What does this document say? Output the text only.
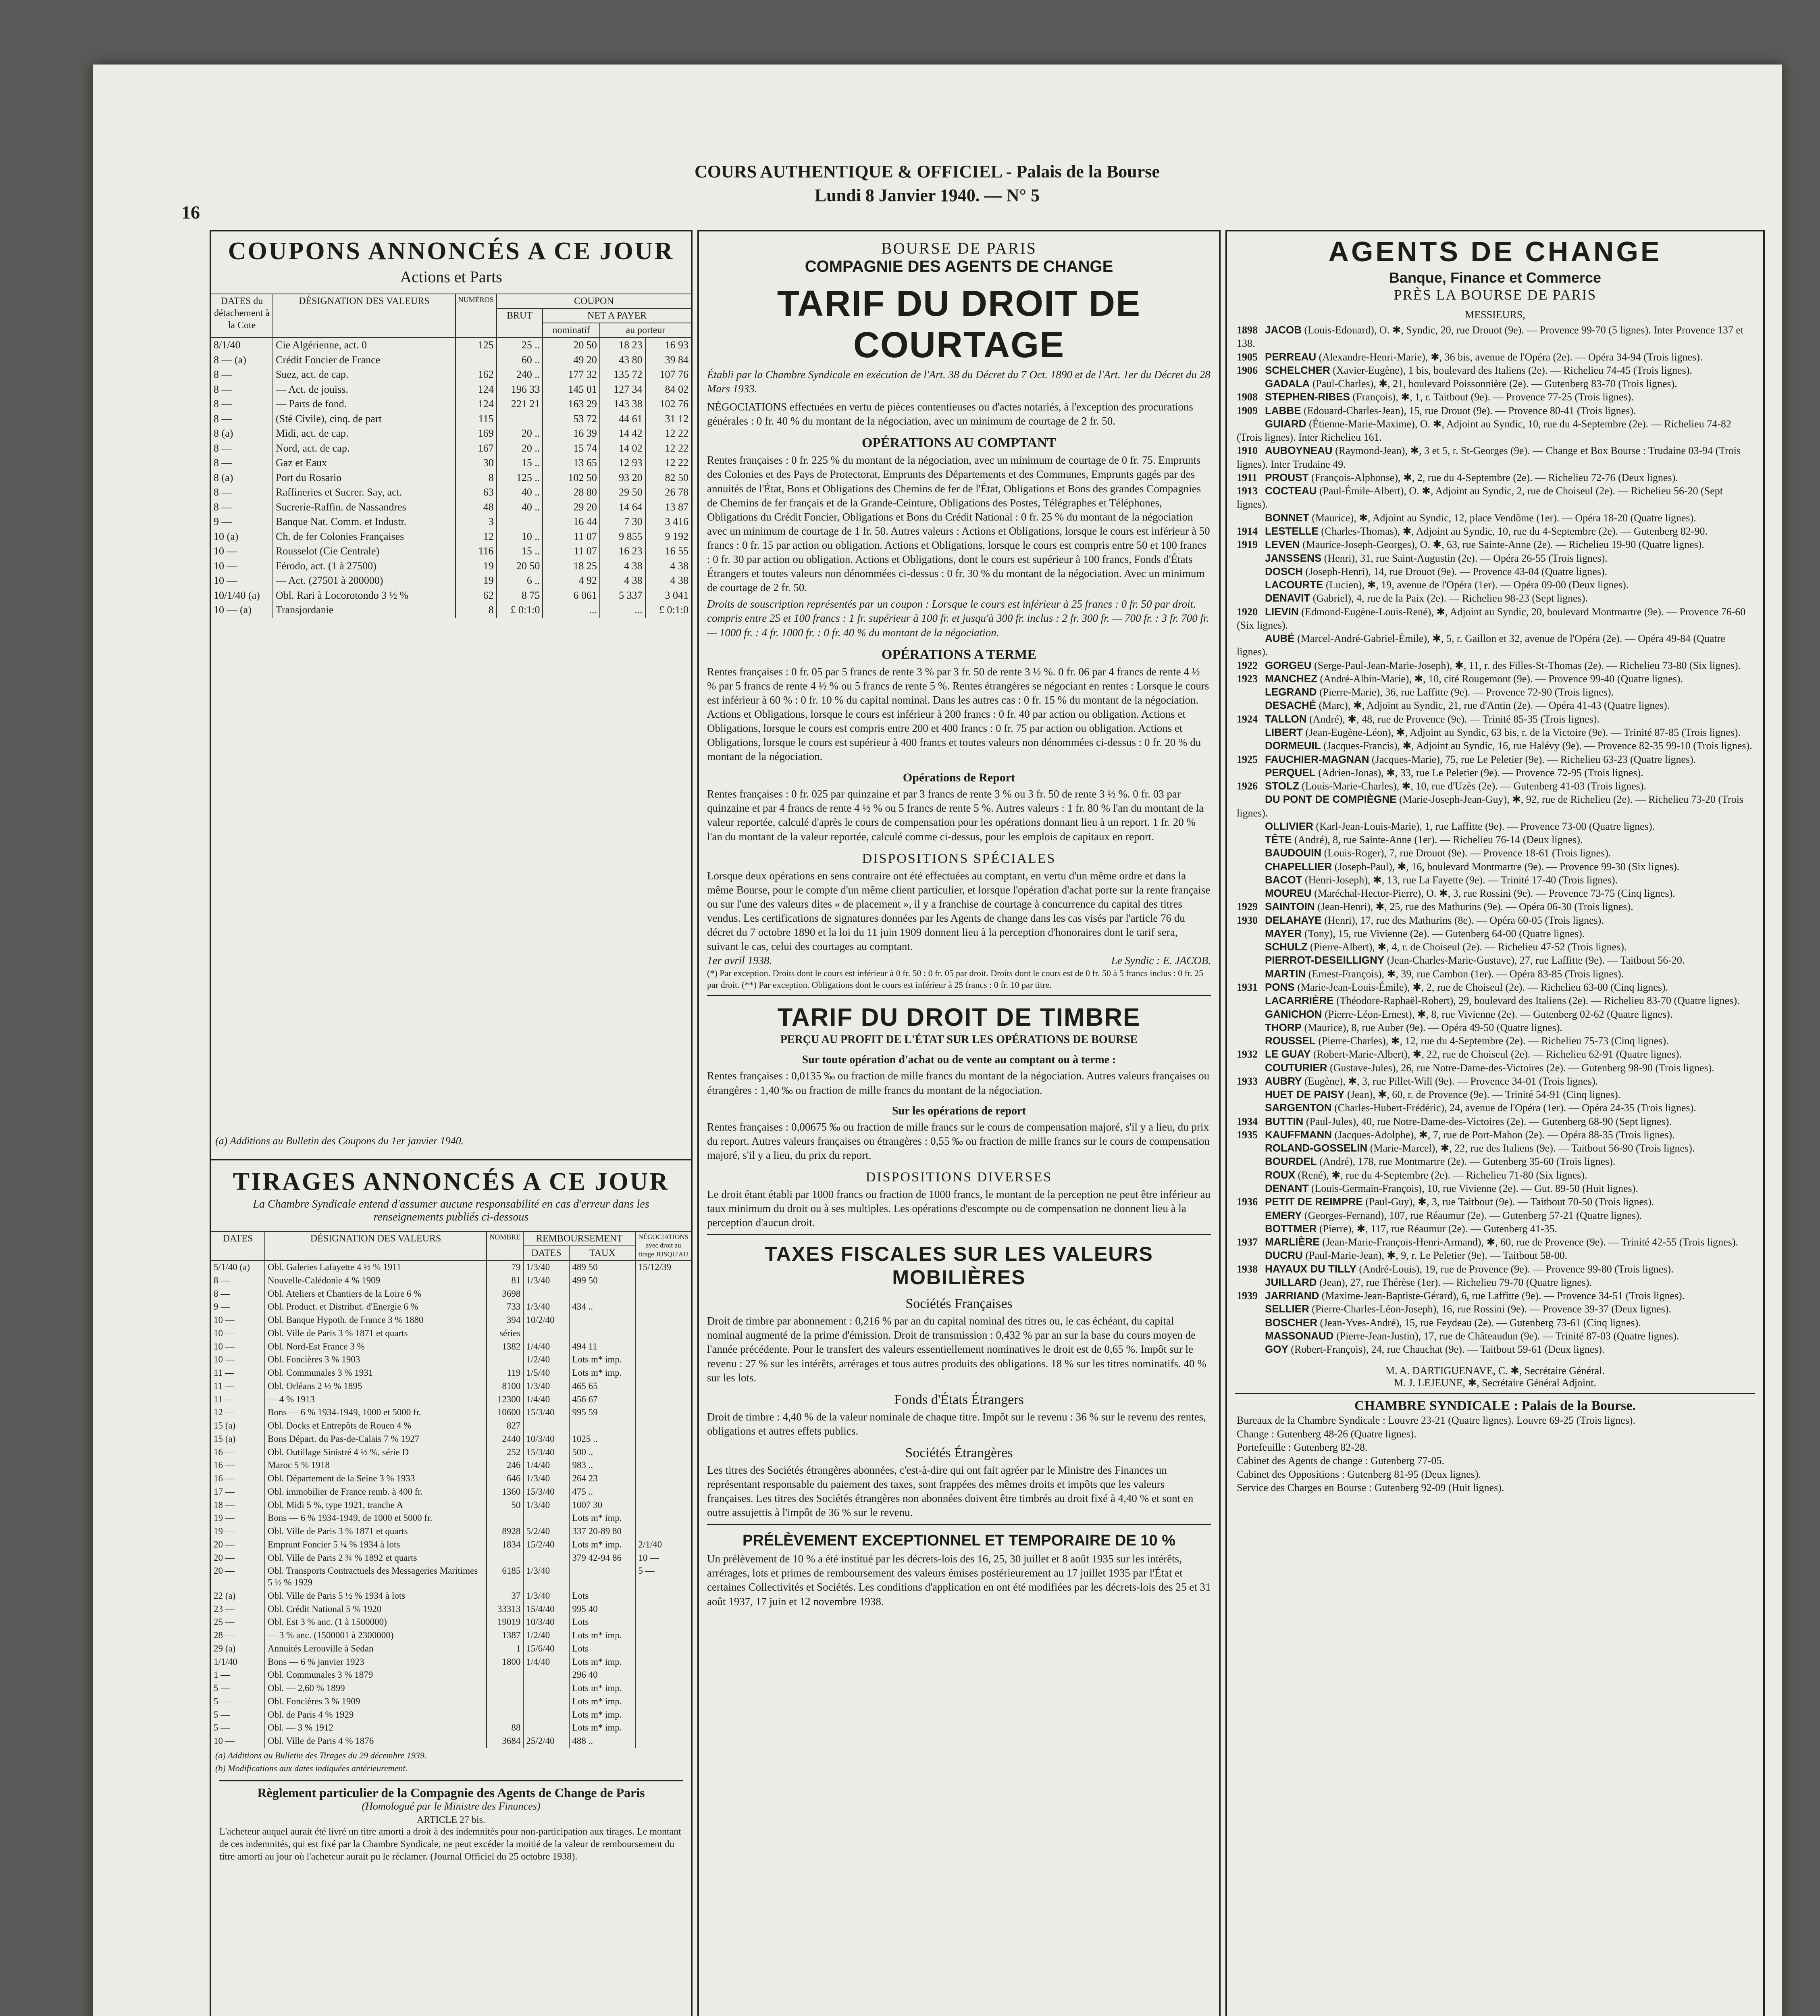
COURS AUTHENTIQUE & OFFICIEL - Palais de la Bourse
Lundi 8 Janvier 1940. — N° 5
16

COUPONS ANNONCÉS A CE JOUR

Actions et Parts

DATES du détachement à la Cote	DÉSIGNATION DES VALEURS	NUMÉROS	COUPON			
			BRUT	NET A PAYER		
				nominatif	au porteur	
8/1/40	Cie Algérienne, act. 0	125	25 ..	20 50	18 23	16 93
8 — (a)	Crédit Foncier de France		60 ..	49 20	43 80	39 84
8 —	Suez, act. de cap.	162	240 ..	177 32	135 72	107 76
8 —	— Act. de jouiss.	124	196 33	145 01	127 34	84 02
8 —	— Parts de fond.	124	221 21	163 29	143 38	102 76
8 —	(Sté Civile), cinq. de part	115		53 72	44 61	31 12
8 (a)	Midi, act. de cap.	169	20 ..	16 39	14 42	12 22
8 —	Nord, act. de cap.	167	20 ..	15 74	14 02	12 22
8 —	Gaz et Eaux	30	15 ..	13 65	12 93	12 22
8 (a)	Port du Rosario	8	125 ..	102 50	93 20	82 50
8 —	Raffineries et Sucrer. Say, act.	63	40 ..	28 80	29 50	26 78
8 —	Sucrerie-Raffin. de Nassandres	48	40 ..	29 20	14 64	13 87
9 —	Banque Nat. Comm. et Industr.	3		16 44	7 30	3 416
10 (a)	Ch. de fer Colonies Françaises	12	10 ..	11 07	9 855	9 192
10 —	Rousselot (Cie Centrale)	116	15 ..	11 07	16 23	16 55
10 —	Férodo, act. (1 à 27500)	19	20 50	18 25	4 38	4 38
10 —	— Act. (27501 à 200000)	19	6 ..	4 92	4 38	4 38
10/1/40 (a)	Obl. Rari à Locorotondo 3 ½ %	62	8 75	6 061	5 337	3 041
10 — (a)	Transjordanie	8	£ 0:1:0	...	...	£ 0:1:0
(a) Additions au Bulletin des Coupons du 1er janvier 1940.

TIRAGES ANNONCÉS A CE JOUR

La Chambre Syndicale entend d'assumer aucune responsabilité en cas d'erreur dans les renseignements publiés ci-dessous

DATES	DÉSIGNATION DES VALEURS	NOMBRE	REMBOURSEMENT		NÉGOCIATIONS avec droit au tirage JUSQU'AU
			DATES	TAUX	
5/1/40 (a)	Obl. Galeries Lafayette 4 ½ % 1911	79	1/3/40	489 50	15/12/39
8 —	Nouvelle-Calédonie 4 % 1909	81	1/3/40	499 50	
8 —	Obl. Ateliers et Chantiers de la Loire 6 %	3698			
9 —	Obl. Product. et Distribut. d'Energie 6 %	733	1/3/40	434 ..	
10 —	Obl. Banque Hypoth. de France 3 % 1880	394	10/2/40		
10 —	Obl. Ville de Paris 3 % 1871 et quarts	séries			
10 —	Obl. Nord-Est France 3 %	1382	1/4/40	494 11	
10 —	Obl. Foncières 3 % 1903		1/2/40	Lots m* imp.	
11 —	Obl. Communales 3 % 1931	119	1/5/40	Lots m* imp.	
11 —	Obl. Orléans 2 ½ % 1895	8100	1/3/40	465 65	
11 —	— 4 % 1913	12300	1/4/40	456 67	
12 —	Bons — 6 % 1934-1949, 1000 et 5000 fr.	10600	15/3/40	995 59	
15 (a)	Obl. Docks et Entrepôts de Rouen 4 %	827			
15 (a)	Bons Départ. du Pas-de-Calais 7 % 1927	2440	10/3/40	1025 ..	
16 —	Obl. Outillage Sinistré 4 ½ %, série D	252	15/3/40	500 ..	
16 —	Maroc 5 % 1918	246	1/4/40	983 ..	
16 —	Obl. Département de la Seine 3 % 1933	646	1/3/40	264 23	
17 —	Obl. immobilier de France remb. à 400 fr.	1360	15/3/40	475 ..	
18 —	Obl. Midi 5 %, type 1921, tranche A	50	1/3/40	1007 30	
19 —	Bons — 6 % 1934-1949, de 1000 et 5000 fr.			Lots m* imp.	
19 —	Obl. Ville de Paris 3 % 1871 et quarts	8928	5/2/40	337 20-89 80	
20 —	Emprunt Foncier 5 ¼ % 1934 à lots	1834	15/2/40	Lots m* imp.	2/1/40
20 —	Obl. Ville de Paris 2 ¾ % 1892 et quarts			379 42-94 86	10 —
20 —	Obl. Transports Contractuels des Messageries Maritimes 5 ½ % 1929	6185	1/3/40		5 —
22 (a)	Obl. Ville de Paris 5 ½ % 1934 à lots	37	1/3/40	Lots	
23 —	Obl. Crédit National 5 % 1920	33313	15/4/40	995 40	
25 —	Obl. Est 3 % anc. (1 à 1500000)	19019	10/3/40	Lots	
28 —	— 3 % anc. (1500001 à 2300000)	1387	1/2/40	Lots m* imp.	
29 (a)	Annuités Lerouville à Sedan	1	15/6/40	Lots	
1/1/40	Bons — 6 % janvier 1923	1800	1/4/40	Lots m* imp.	
1 —	Obl. Communales 3 % 1879			296 40	
5 —	Obl. — 2,60 % 1899			Lots m* imp.	
5 —	Obl. Foncières 3 % 1909			Lots m* imp.	
5 —	Obl. de Paris 4 % 1929			Lots m* imp.	
5 —	Obl. — 3 % 1912	88		Lots m* imp.	
10 —	Obl. Ville de Paris 4 % 1876	3684	25/2/40	488 ..	
(a) Additions au Bulletin des Tirages du 29 décembre 1939.
(b) Modifications aux dates indiquées antérieurement.
Règlement particulier de la Compagnie des Agents de Change de Paris
(Homologué par le Ministre des Finances)
ARTICLE 27 bis.
L'acheteur auquel aurait été livré un titre amorti a droit à des indemnités pour non-participation aux tirages. Le montant de ces indemnités, qui est fixé par la Chambre Syndicale, ne peut excéder la moitié de la valeur de remboursement du titre amorti au jour où l'acheteur aurait pu le réclamer. (Journal Officiel du 25 octobre 1938).
BOURSE DE PARIS
COMPAGNIE DES AGENTS DE CHANGE
TARIF DU DROIT DE COURTAGE
Établi par la Chambre Syndicale en exécution de l'Art. 38 du Décret du 7 Oct. 1890 et de l'Art. 1er du Décret du 28 Mars 1933.
NÉGOCIATIONS effectuées en vertu de pièces contentieuses ou d'actes notariés, à l'exception des procurations générales : 0 fr. 40 % du montant de la négociation, avec un minimum de courtage de 2 fr. 50.
OPÉRATIONS AU COMPTANT
Rentes françaises : 0 fr. 225 % du montant de la négociation, avec un minimum de courtage de 0 fr. 75. Emprunts des Colonies et des Pays de Protectorat, Emprunts des Départements et des Communes, Emprunts gagés par des annuités de l'État, Bons et Obligations des Chemins de fer de l'État, Obligations et Bons des grandes Compagnies de Chemins de fer français et de la Grande-Ceinture, Obligations des Postes, Télégraphes et Téléphones, Obligations du Crédit Foncier, Obligations et Bons du Crédit National : 0 fr. 25 % du montant de la négociation avec un minimum de courtage de 1 fr. 50. Autres valeurs : Actions et Obligations, lorsque le cours est inférieur à 50 francs : 0 fr. 15 par action ou obligation. Actions et Obligations, lorsque le cours est compris entre 50 et 100 francs : 0 fr. 30 par action ou obligation. Actions et Obligations, dont le cours est supérieur à 100 francs, Fonds d'États Étrangers et toutes valeurs non dénommées ci-dessus : 0 fr. 30 % du montant de la négociation. Avec un minimum de courtage de 2 fr. 50.
Droits de souscription représentés par un coupon : Lorsque le cours est inférieur à 25 francs : 0 fr. 50 par droit. compris entre 25 et 100 francs : 1 fr. supérieur à 100 fr. et jusqu'à 300 fr. inclus : 2 fr. 300 fr. — 700 fr. : 3 fr. 700 fr. — 1000 fr. : 4 fr. 1000 fr. : 0 fr. 40 % du montant de la négociation.
OPÉRATIONS A TERME
Rentes françaises : 0 fr. 05 par 5 francs de rente 3 % par 3 fr. 50 de rente 3 ½ %. 0 fr. 06 par 4 francs de rente 4 ½ % par 5 francs de rente 4 ½ % ou 5 francs de rente 5 %. Rentes étrangères se négociant en rentes : Lorsque le cours est inférieur à 60 % : 0 fr. 10 % du capital nominal. Dans les autres cas : 0 fr. 15 % du montant de la négociation. Actions et Obligations, lorsque le cours est inférieur à 200 francs : 0 fr. 40 par action ou obligation. Actions et Obligations, lorsque le cours est compris entre 200 et 400 francs : 0 fr. 75 par action ou obligation. Actions et Obligations, lorsque le cours est supérieur à 400 francs et toutes valeurs non dénommées ci-dessus : 0 fr. 20 % du montant de la négociation.
Opérations de Report
Rentes françaises : 0 fr. 025 par quinzaine et par 3 francs de rente 3 % ou 3 fr. 50 de rente 3 ½ %. 0 fr. 03 par quinzaine et par 4 francs de rente 4 ½ % ou 5 francs de rente 5 %. Autres valeurs : 1 fr. 80 % l'an du montant de la valeur reportée, calculé d'après le cours de compensation pour les opérations donnant lieu à un report. 1 fr. 20 % l'an du montant de la valeur reportée, calculé comme ci-dessus, pour les emplois de capitaux en report.
DISPOSITIONS SPÉCIALES
Lorsque deux opérations en sens contraire ont été effectuées au comptant, en vertu d'un même ordre et dans la même Bourse, pour le compte d'un même client particulier, et lorsque l'opération d'achat porte sur la rente française ou sur l'une des valeurs dites « de placement », il y a franchise de courtage à concurrence du capital des titres vendus. Les certifications de signatures données par les Agents de change dans les cas visés par l'article 76 du décret du 7 octobre 1890 et la loi du 11 juin 1909 donnent lieu à la perception d'honoraires dont le tarif sera, suivant le cas, celui des courtages au comptant.
1er avril 1938.	Le Syndic : E. JACOB.
(*) Par exception. Droits dont le cours est inférieur à 0 fr. 50 : 0 fr. 05 par droit. Droits dont le cours est de 0 fr. 50 à 5 francs inclus : 0 fr. 25 par droit. (**) Par exception. Obligations dont le cours est inférieur à 25 francs : 0 fr. 10 par titre.
TARIF DU DROIT DE TIMBRE
PERÇU AU PROFIT DE L'ÉTAT SUR LES OPÉRATIONS DE BOURSE
Sur toute opération d'achat ou de vente au comptant ou à terme :
Rentes françaises : 0,0135 ‰ ou fraction de mille francs du montant de la négociation. Autres valeurs françaises ou étrangères : 1,40 ‰ ou fraction de mille francs du montant de la négociation.
Sur les opérations de report
Rentes françaises : 0,00675 ‰ ou fraction de mille francs sur le cours de compensation majoré, s'il y a lieu, du prix du report. Autres valeurs françaises ou étrangères : 0,55 ‰ ou fraction de mille francs sur le cours de compensation majoré, s'il y a lieu, du prix du report.
DISPOSITIONS DIVERSES
Le droit étant établi par 1000 francs ou fraction de 1000 francs, le montant de la perception ne peut être inférieur au taux minimum du droit ou à ses multiples. Les opérations d'escompte ou de compensation ne donnent lieu à la perception d'aucun droit.
TAXES FISCALES SUR LES VALEURS MOBILIÈRES
Sociétés Françaises
Droit de timbre par abonnement : 0,216 % par an du capital nominal des titres ou, le cas échéant, du capital nominal augmenté de la prime d'émission. Droit de transmission : 0,432 % par an sur la base du cours moyen de l'année précédente. Pour le transfert des valeurs essentiellement nominatives le droit est de 0,65 %. Impôt sur le revenu : 27 % sur les intérêts, arrérages et tous autres produits des obligations. 18 % sur les titres nominatifs. 40 % sur les lots.
Fonds d'États Étrangers
Droit de timbre : 4,40 % de la valeur nominale de chaque titre. Impôt sur le revenu : 36 % sur le revenu des rentes, obligations et autres effets publics.
Sociétés Étrangères
Les titres des Sociétés étrangères abonnées, c'est-à-dire qui ont fait agréer par le Ministre des Finances un représentant responsable du paiement des taxes, sont frappées des mêmes droits et impôts que les valeurs françaises. Les titres des Sociétés étrangères non abonnées doivent être timbrés au droit fixé à 4,40 % et sont en outre assujettis à l'impôt de 36 % sur le revenu.
PRÉLÈVEMENT EXCEPTIONNEL ET TEMPORAIRE DE 10 %
Un prélèvement de 10 % a été institué par les décrets-lois des 16, 25, 30 juillet et 8 août 1935 sur les intérêts, arrérages, lots et primes de remboursement des valeurs émises postérieurement au 17 juillet 1935 par l'État et certaines Collectivités et Sociétés. Les conditions d'application en ont été modifiées par les décrets-lois des 25 et 31 août 1937, 17 juin et 12 novembre 1938.
AGENTS DE CHANGE
Banque, Finance et Commerce
PRÈS LA BOURSE DE PARIS
MESSIEURS,
1898 JACOB (Louis-Edouard), O. ✱, Syndic, 20, rue Drouot (9e). — Provence 99-70 (5 lignes). Inter Provence 137 et 138.
1905 PERREAU (Alexandre-Henri-Marie), ✱, 36 bis, avenue de l'Opéra (2e). — Opéra 34-94 (Trois lignes).
1906 SCHELCHER (Xavier-Eugène), 1 bis, boulevard des Italiens (2e). — Richelieu 74-45 (Trois lignes).
GADALA (Paul-Charles), ✱, 21, boulevard Poissonnière (2e). — Gutenberg 83-70 (Trois lignes).
1908 STEPHEN-RIBES (François), ✱, 1, r. Taitbout (9e). — Provence 77-25 (Trois lignes).
1909 LABBE (Edouard-Charles-Jean), 15, rue Drouot (9e). — Provence 80-41 (Trois lignes).
GUIARD (Étienne-Marie-Maxime), O. ✱, Adjoint au Syndic, 10, rue du 4-Septembre (2e). — Richelieu 74-82 (Trois lignes). Inter Richelieu 161.
1910 AUBOYNEAU (Raymond-Jean), ✱, 3 et 5, r. St-Georges (9e). — Change et Box Bourse : Trudaine 03-94 (Trois lignes). Inter Trudaine 49.
1911 PROUST (François-Alphonse), ✱, 2, rue du 4-Septembre (2e). — Richelieu 72-76 (Deux lignes).
1913 COCTEAU (Paul-Émile-Albert), O. ✱, Adjoint au Syndic, 2, rue de Choiseul (2e). — Richelieu 56-20 (Sept lignes).
BONNET (Maurice), ✱, Adjoint au Syndic, 12, place Vendôme (1er). — Opéra 18-20 (Quatre lignes).
1914 LESTELLE (Charles-Thomas), ✱, Adjoint au Syndic, 10, rue du 4-Septembre (2e). — Gutenberg 82-90.
1919 LEVEN (Maurice-Joseph-Georges), O. ✱, 63, rue Sainte-Anne (2e). — Richelieu 19-90 (Quatre lignes).
JANSSENS (Henri), 31, rue Saint-Augustin (2e). — Opéra 26-55 (Trois lignes).
DOSCH (Joseph-Henri), 14, rue Drouot (9e). — Provence 43-04 (Quatre lignes).
LACOURTE (Lucien), ✱, 19, avenue de l'Opéra (1er). — Opéra 09-00 (Deux lignes).
DENAVIT (Gabriel), 4, rue de la Paix (2e). — Richelieu 98-23 (Sept lignes).
1920 LIEVIN (Edmond-Eugène-Louis-René), ✱, Adjoint au Syndic, 20, boulevard Montmartre (9e). — Provence 76-60 (Six lignes).
AUBÉ (Marcel-André-Gabriel-Émile), ✱, 5, r. Gaillon et 32, avenue de l'Opéra (2e). — Opéra 49-84 (Quatre lignes).
1922 GORGEU (Serge-Paul-Jean-Marie-Joseph), ✱, 11, r. des Filles-St-Thomas (2e). — Richelieu 73-80 (Six lignes).
1923 MANCHEZ (André-Albin-Marie), ✱, 10, cité Rougemont (9e). — Provence 99-40 (Quatre lignes).
LEGRAND (Pierre-Marie), 36, rue Laffitte (9e). — Provence 72-90 (Trois lignes).
DESACHÉ (Marc), ✱, Adjoint au Syndic, 21, rue d'Antin (2e). — Opéra 41-43 (Quatre lignes).
1924 TALLON (André), ✱, 48, rue de Provence (9e). — Trinité 85-35 (Trois lignes).
LIBERT (Jean-Eugène-Léon), ✱, Adjoint au Syndic, 63 bis, r. de la Victoire (9e). — Trinité 87-85 (Trois lignes).
DORMEUIL (Jacques-Francis), ✱, Adjoint au Syndic, 16, rue Halévy (9e). — Provence 82-35 99-10 (Trois lignes).
1925 FAUCHIER-MAGNAN (Jacques-Marie), 75, rue Le Peletier (9e). — Richelieu 63-23 (Quatre lignes).
PERQUEL (Adrien-Jonas), ✱, 33, rue Le Peletier (9e). — Provence 72-95 (Trois lignes).
1926 STOLZ (Louis-Marie-Charles), ✱, 10, rue d'Uzès (2e). — Gutenberg 41-03 (Trois lignes).
DU PONT DE COMPIÈGNE (Marie-Joseph-Jean-Guy), ✱, 92, rue de Richelieu (2e). — Richelieu 73-20 (Trois lignes).
OLLIVIER (Karl-Jean-Louis-Marie), 1, rue Laffitte (9e). — Provence 73-00 (Quatre lignes).
TÊTE (André), 8, rue Sainte-Anne (1er). — Richelieu 76-14 (Deux lignes).
BAUDOUIN (Louis-Roger), 7, rue Drouot (9e). — Provence 18-61 (Trois lignes).
CHAPELLIER (Joseph-Paul), ✱, 16, boulevard Montmartre (9e). — Provence 99-30 (Six lignes).
BACOT (Henri-Joseph), ✱, 13, rue La Fayette (9e). — Trinité 17-40 (Trois lignes).
MOUREU (Maréchal-Hector-Pierre), O. ✱, 3, rue Rossini (9e). — Provence 73-75 (Cinq lignes).
1929 SAINTOIN (Jean-Henri), ✱, 25, rue des Mathurins (9e). — Opéra 06-30 (Trois lignes).
1930 DELAHAYE (Henri), 17, rue des Mathurins (8e). — Opéra 60-05 (Trois lignes).
MAYER (Tony), 15, rue Vivienne (2e). — Gutenberg 64-00 (Quatre lignes).
SCHULZ (Pierre-Albert), ✱, 4, r. de Choiseul (2e). — Richelieu 47-52 (Trois lignes).
PIERROT-DESEILLIGNY (Jean-Charles-Marie-Gustave), 27, rue Laffitte (9e). — Taitbout 56-20.
MARTIN (Ernest-François), ✱, 39, rue Cambon (1er). — Opéra 83-85 (Trois lignes).
1931 PONS (Marie-Jean-Louis-Émile), ✱, 2, rue de Choiseul (2e). — Richelieu 63-00 (Cinq lignes).
LACARRIÈRE (Théodore-Raphaël-Robert), 29, boulevard des Italiens (2e). — Richelieu 83-70 (Quatre lignes).
GANICHON (Pierre-Léon-Ernest), ✱, 8, rue Vivienne (2e). — Gutenberg 02-62 (Quatre lignes).
THORP (Maurice), 8, rue Auber (9e). — Opéra 49-50 (Quatre lignes).
ROUSSEL (Pierre-Charles), ✱, 12, rue du 4-Septembre (2e). — Richelieu 75-73 (Cinq lignes).
1932 LE GUAY (Robert-Marie-Albert), ✱, 22, rue de Choiseul (2e). — Richelieu 62-91 (Quatre lignes).
COUTURIER (Gustave-Jules), 26, rue Notre-Dame-des-Victoires (2e). — Gutenberg 98-90 (Trois lignes).
1933 AUBRY (Eugène), ✱, 3, rue Pillet-Will (9e). — Provence 34-01 (Trois lignes).
HUET DE PAISY (Jean), ✱, 60, r. de Provence (9e). — Trinité 54-91 (Cinq lignes).
SARGENTON (Charles-Hubert-Frédéric), 24, avenue de l'Opéra (1er). — Opéra 24-35 (Trois lignes).
1934 BUTTIN (Paul-Jules), 40, rue Notre-Dame-des-Victoires (2e). — Gutenberg 68-90 (Sept lignes).
1935 KAUFFMANN (Jacques-Adolphe), ✱, 7, rue de Port-Mahon (2e). — Opéra 88-35 (Trois lignes).
ROLAND-GOSSELIN (Marie-Marcel), ✱, 22, rue des Italiens (9e). — Taitbout 56-90 (Trois lignes).
BOURDEL (André), 178, rue Montmartre (2e). — Gutenberg 35-60 (Trois lignes).
ROUX (René), ✱, rue du 4-Septembre (2e). — Richelieu 71-80 (Six lignes).
DENANT (Louis-Germain-François), 10, rue Vivienne (2e). — Gut. 89-50 (Huit lignes).
1936 PETIT DE REIMPRE (Paul-Guy), ✱, 3, rue Taitbout (9e). — Taitbout 70-50 (Trois lignes).
EMERY (Georges-Fernand), 107, rue Réaumur (2e). — Gutenberg 57-21 (Quatre lignes).
BOTTMER (Pierre), ✱, 117, rue Réaumur (2e). — Gutenberg 41-35.
1937 MARLIÈRE (Jean-Marie-François-Henri-Armand), ✱, 60, rue de Provence (9e). — Trinité 42-55 (Trois lignes).
DUCRU (Paul-Marie-Jean), ✱, 9, r. Le Peletier (9e). — Taitbout 58-00.
1938 HAYAUX DU TILLY (André-Louis), 19, rue de Provence (9e). — Provence 99-80 (Trois lignes).
JUILLARD (Jean), 27, rue Thérèse (1er). — Richelieu 79-70 (Quatre lignes).
1939 JARRIAND (Maxime-Jean-Baptiste-Gérard), 6, rue Laffitte (9e). — Provence 34-51 (Trois lignes).
SELLIER (Pierre-Charles-Léon-Joseph), 16, rue Rossini (9e). — Provence 39-37 (Deux lignes).
BOSCHER (Jean-Yves-André), 15, rue Feydeau (2e). — Gutenberg 73-61 (Cinq lignes).
MASSONAUD (Pierre-Jean-Justin), 17, rue de Châteaudun (9e). — Trinité 87-03 (Quatre lignes).
GOY (Robert-François), 24, rue Chauchat (9e). — Taitbout 59-61 (Deux lignes).
M. A. DARTIGUENAVE, C. ✱, Secrétaire Général.
M. J. LEJEUNE, ✱, Secrétaire Général Adjoint.
CHAMBRE SYNDICALE : Palais de la Bourse.
Bureaux de la Chambre Syndicale : Louvre 23-21 (Quatre lignes). Louvre 69-25 (Trois lignes).
Change : Gutenberg 48-26 (Quatre lignes).
Portefeuille : Gutenberg 82-28.
Cabinet des Agents de change : Gutenberg 77-05.
Cabinet des Oppositions : Gutenberg 81-95 (Deux lignes).
Service des Charges en Bourse : Gutenberg 92-09 (Huit lignes).
